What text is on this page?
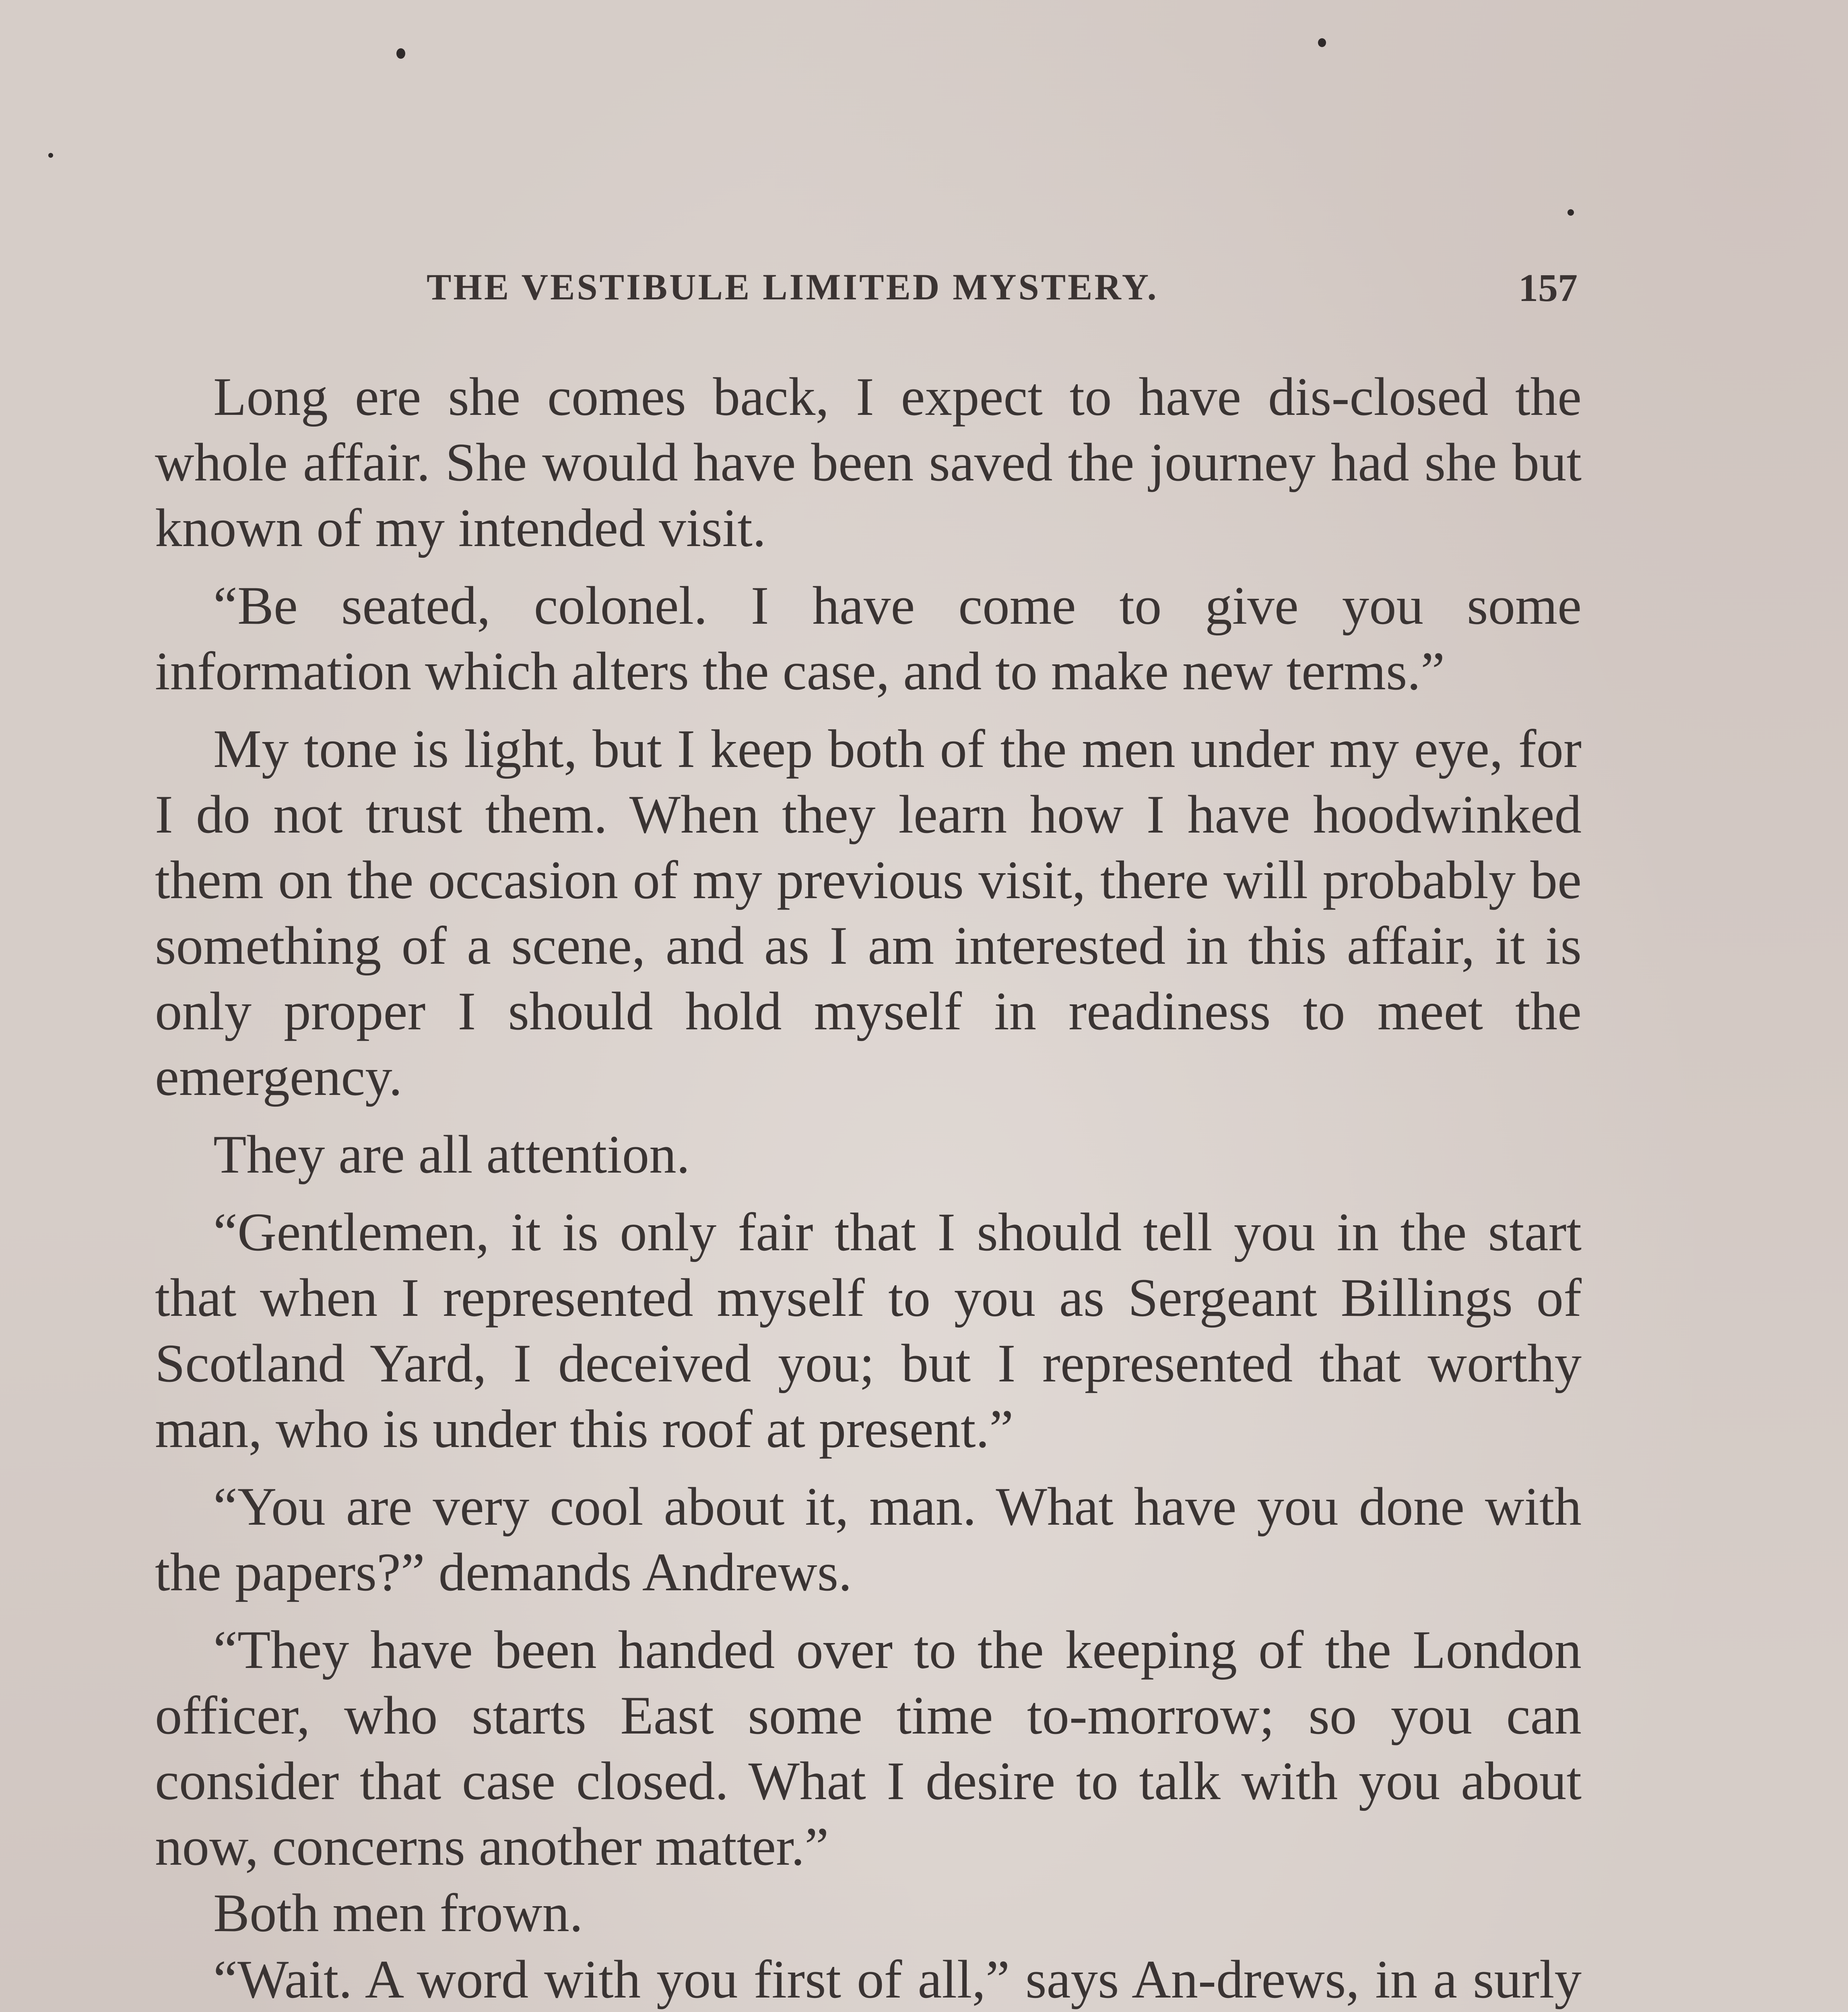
THE VESTIBULE LIMITED MYSTERY.	157

Long ere she comes back, I expect to have dis-closed the whole affair. She would have been saved the journey had she but known of my intended visit.

“Be seated, colonel. I have come to give you some information which alters the case, and to make new terms.”

My tone is light, but I keep both of the men under my eye, for I do not trust them. When they learn how I have hoodwinked them on the occasion of my previous visit, there will probably be something of a scene, and as I am interested in this affair, it is only proper I should hold myself in readiness to meet the emergency.

They are all attention.

“Gentlemen, it is only fair that I should tell you in the start that when I represented myself to you as Sergeant Billings of Scotland Yard, I deceived you; but I represented that worthy man, who is under this roof at present.”

“You are very cool about it, man. What have you done with the papers?” demands Andrews.

“They have been handed over to the keeping of the London officer, who starts East some time to-morrow; so you can consider that case closed. What I desire to talk with you about now, concerns another matter.”

Both men frown.

“Wait. A word with you first of all,” says An-drews, in a surly
